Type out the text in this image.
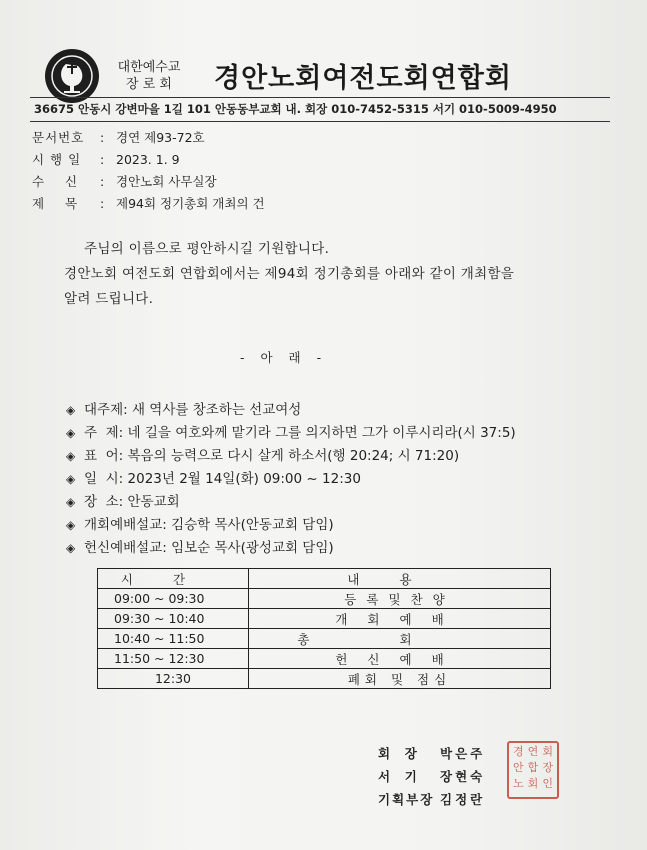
대한예수교
장 로 회	경안노회여전도회연합회
36675 안동시 강변마을 1길 101 안동동부교회 내. 회장 010-7452-5315 서기 010-5009-4950
문서번호 : 경연 제93-72호
시 행 일 : 2023. 1. 9
수    신 : 경안노회 사무실장
제    목 : 제94회 정기총회 개최의 건
주님의 이름으로 평안하시길 기원합니다.
경안노회 여전도회 연합회에서는 제94회 정기총회를 아래와 같이 개최함을
알려 드립니다.
- 아 래 -
◈ 대주제: 새 역사를 창조하는 선교여성
◈ 주  제: 네 길을 여호와께 맡기라 그를 의지하면 그가 이루시리라(시 37:5)
◈ 표  어: 복음의 능력으로 다시 살게 하소서(행 20:24; 시 71:20)
◈ 일  시: 2023년 2월 14일(화) 09:00 ~ 12:30
◈ 장  소: 안동교회
◈ 개회예배설교: 김승학 목사(안동교회 담임)
◈ 헌신예배설교: 임보순 목사(광성교회 담임)
시간	내용
09:00 ~ 09:30	등록및찬양
09:30 ~ 10:40	개회예배
10:40 ~ 11:50	총회
11:50 ~ 12:30	헌신예배
12:30	폐회 및 점심
회  장 박은주
서  기 장현숙
기획부장 김정란
경 연 회
안 합 장
노 회 인
